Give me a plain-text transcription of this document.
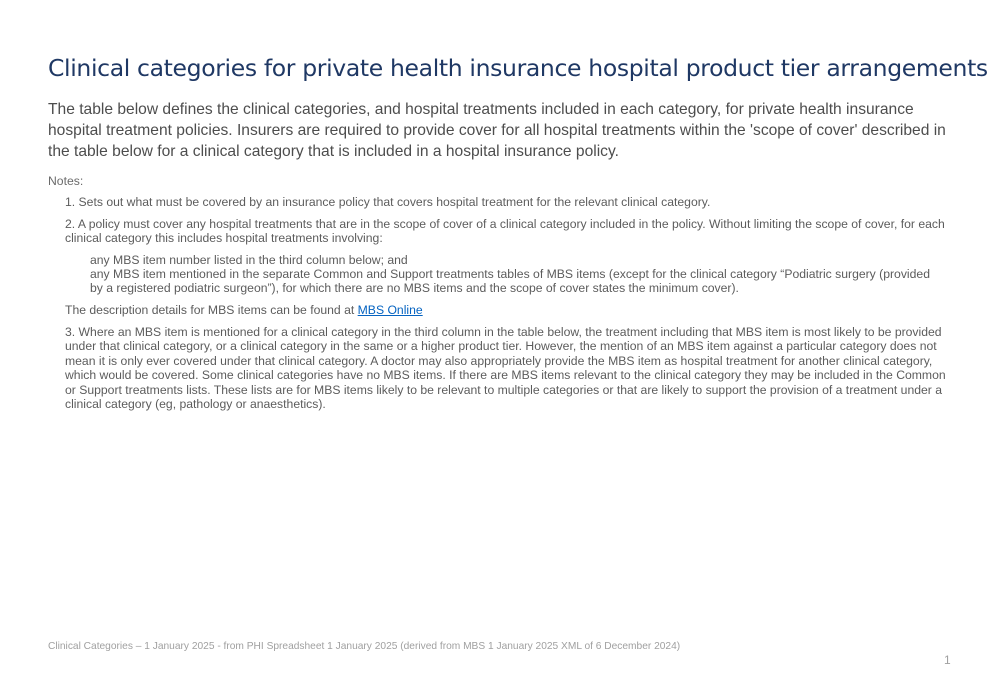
Clinical categories for private health insurance hospital product tier arrangements

The table below defines the clinical categories, and hospital treatments included in each category, for private health insurance hospital treatment policies. Insurers are required to provide cover for all hospital treatments within the 'scope of cover' described in the table below for a clinical category that is included in a hospital insurance policy.

Notes:

1. Sets out what must be covered by an insurance policy that covers hospital treatment for the relevant clinical category.

2. A policy must cover any hospital treatments that are in the scope of cover of a clinical category included in the policy. Without limiting the scope of cover, for each clinical category this includes hospital treatments involving:

any MBS item number listed in the third column below; and

any MBS item mentioned in the separate Common and Support treatments tables of MBS items (except for the clinical category “Podiatric surgery (provided by a registered podiatric surgeon”), for which there are no MBS items and the scope of cover states the minimum cover).

The description details for MBS items can be found at MBS Online

3. Where an MBS item is mentioned for a clinical category in the third column in the table below, the treatment including that MBS item is most likely to be provided under that clinical category, or a clinical category in the same or a higher product tier. However, the mention of an MBS item against a particular category does not mean it is only ever covered under that clinical category. A doctor may also appropriately provide the MBS item as hospital treatment for another clinical category, which would be covered. Some clinical categories have no MBS items. If there are MBS items relevant to the clinical category they may be included in the Common or Support treatments lists. These lists are for MBS items likely to be relevant to multiple categories or that are likely to support the provision of a treatment under a clinical category (eg, pathology or anaesthetics).

Clinical Categories – 1 January 2025 - from PHI Spreadsheet 1 January 2025 (derived from MBS 1 January 2025 XML of 6 December 2024)

1
